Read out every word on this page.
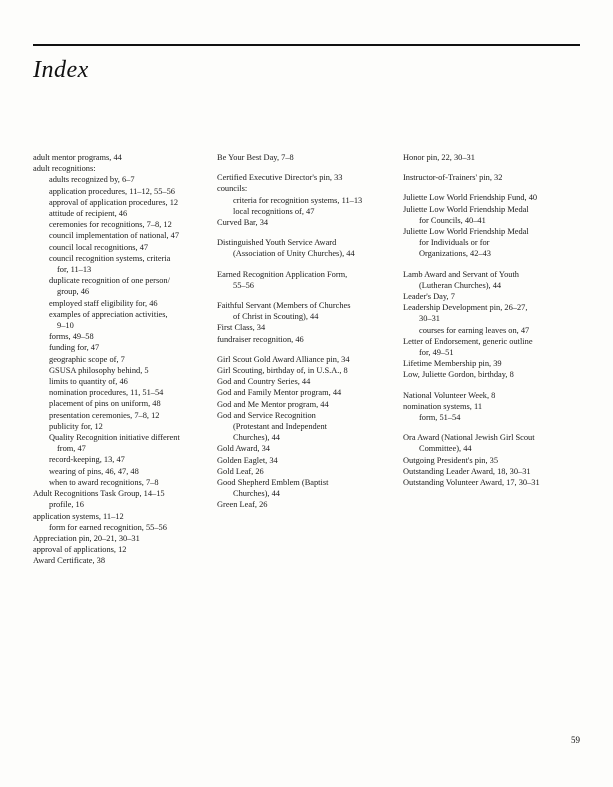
Index
adult mentor programs, 44
adult recognitions:
adults recognized by, 6–7
application procedures, 11–12, 55–56
approval of application procedures, 12
attitude of recipient, 46
ceremonies for recognitions, 7–8, 12
council implementation of national, 47
council local recognitions, 47
council recognition systems, criteria
for, 11–13
duplicate recognition of one person/
group, 46
employed staff eligibility for, 46
examples of appreciation activities,
9–10
forms, 49–58
funding for, 47
geographic scope of, 7
GSUSA philosophy behind, 5
limits to quantity of, 46
nomination procedures, 11, 51–54
placement of pins on uniform, 48
presentation ceremonies, 7–8, 12
publicity for, 12
Quality Recognition initiative different
from, 47
record-keeping, 13, 47
wearing of pins, 46, 47, 48
when to award recognitions, 7–8
Adult Recognitions Task Group, 14–15
profile, 16
application systems, 11–12
form for earned recognition, 55–56
Appreciation pin, 20–21, 30–31
approval of applications, 12
Award Certificate, 38
Be Your Best Day, 7–8
Certified Executive Director's pin, 33
councils:
criteria for recognition systems, 11–13
local recognitions of, 47
Curved Bar, 34
Distinguished Youth Service Award
(Association of Unity Churches), 44
Earned Recognition Application Form,
55–56
Faithful Servant (Members of Churches
of Christ in Scouting), 44
First Class, 34
fundraiser recognition, 46
Girl Scout Gold Award Alliance pin, 34
Girl Scouting, birthday of, in U.S.A., 8
God and Country Series, 44
God and Family Mentor program, 44
God and Me Mentor program, 44
God and Service Recognition
(Protestant and Independent
Churches), 44
Gold Award, 34
Golden Eaglet, 34
Gold Leaf, 26
Good Shepherd Emblem (Baptist
Churches), 44
Green Leaf, 26
Honor pin, 22, 30–31
Instructor-of-Trainers' pin, 32
Juliette Low World Friendship Fund, 40
Juliette Low World Friendship Medal
for Councils, 40–41
Juliette Low World Friendship Medal
for Individuals or for
Organizations, 42–43
Lamb Award and Servant of Youth
(Lutheran Churches), 44
Leader's Day, 7
Leadership Development pin, 26–27,
30–31
courses for earning leaves on, 47
Letter of Endorsement, generic outline
for, 49–51
Lifetime Membership pin, 39
Low, Juliette Gordon, birthday, 8
National Volunteer Week, 8
nomination systems, 11
form, 51–54
Ora Award (National Jewish Girl Scout
Committee), 44
Outgoing President's pin, 35
Outstanding Leader Award, 18, 30–31
Outstanding Volunteer Award, 17, 30–31
59
